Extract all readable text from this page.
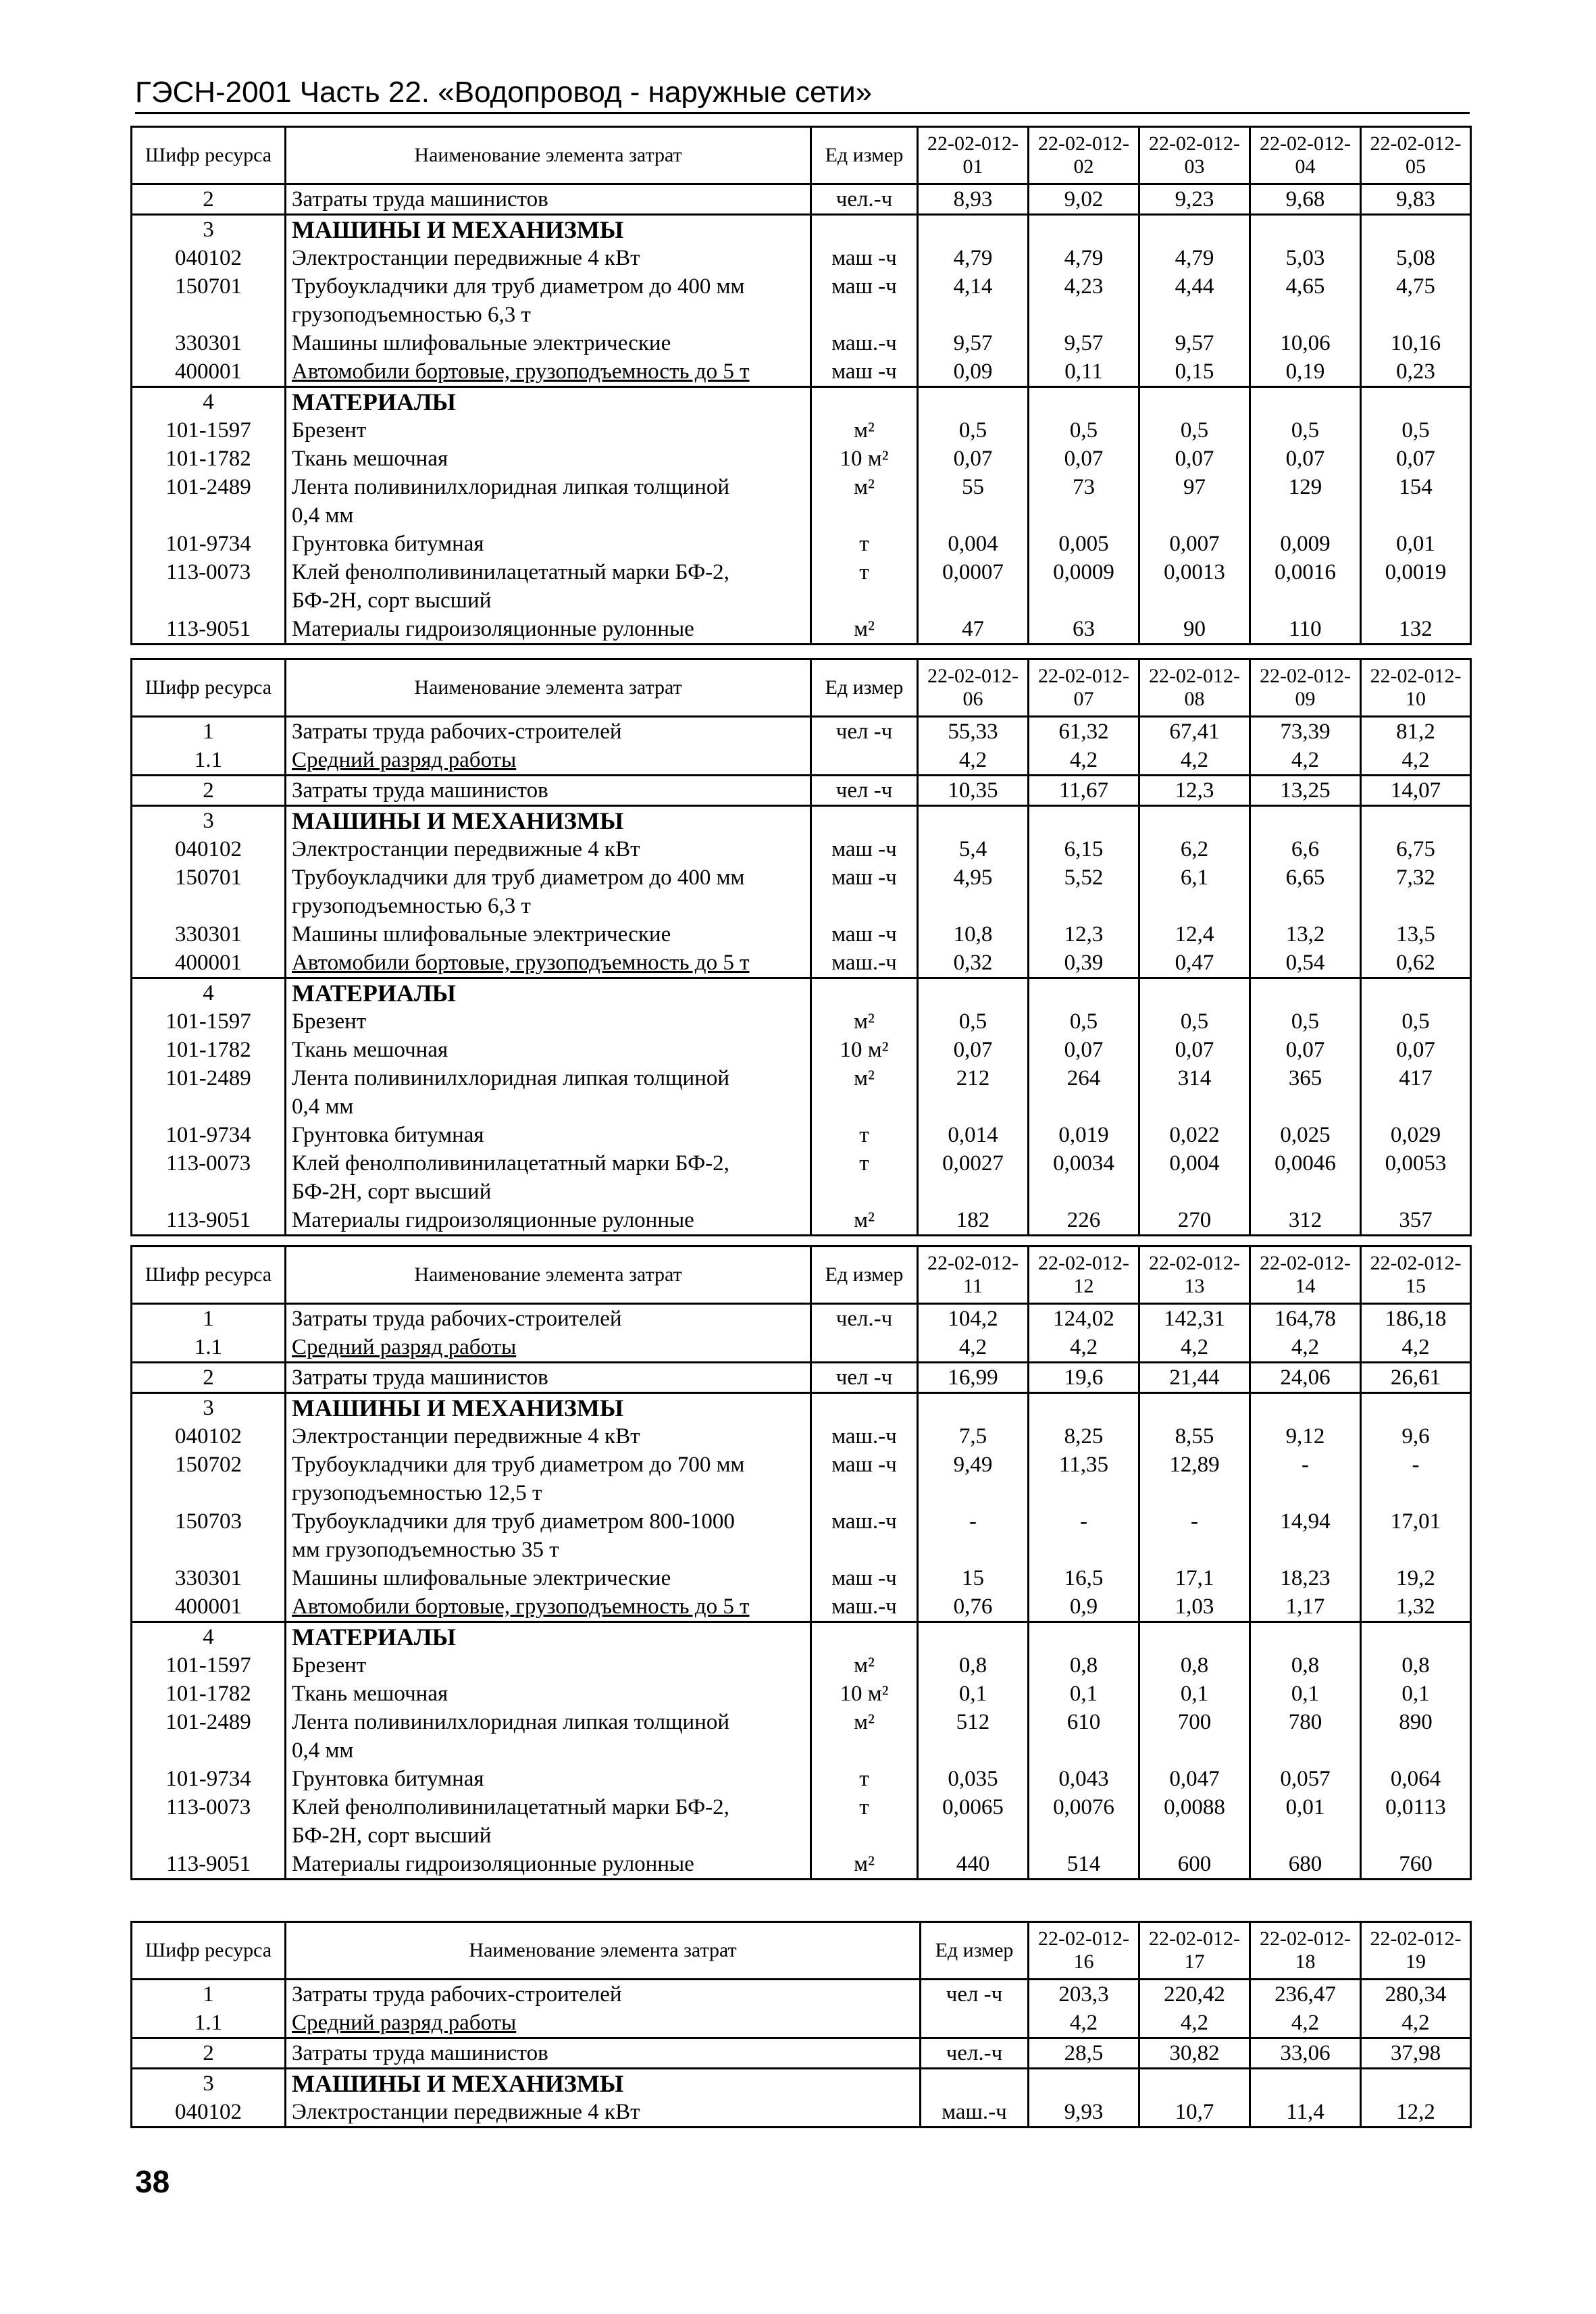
ГЭСН-2001 Часть 22. «Водопровод - наружные сети»
Шифр ресурса	Наименование элемента затрат	Ед измер	22-02-012-01	22-02-012-02	22-02-012-03	22-02-012-04	22-02-012-05
2	Затраты труда машинистов	чел.-ч	8,93	9,02	9,23	9,68	9,83
3	МАШИНЫ И МЕХАНИЗМЫ						
040102	Электростанции передвижные 4 кВт	маш -ч	4,79	4,79	4,79	5,03	5,08
150701	Трубоукладчики для труб диаметром до 400 мм	маш -ч	4,14	4,23	4,44	4,65	4,75
	грузоподъемностью 6,3 т						
330301	Машины шлифовальные электрические	маш.-ч	9,57	9,57	9,57	10,06	10,16
400001	Автомобили бортовые, грузоподъемность до 5 т	маш -ч	0,09	0,11	0,15	0,19	0,23
4	МАТЕРИАЛЫ						
101-1597	Брезент	м²	0,5	0,5	0,5	0,5	0,5
101-1782	Ткань мешочная	10 м²	0,07	0,07	0,07	0,07	0,07
101-2489	Лента поливинилхлоридная липкая толщиной	м²	55	73	97	129	154
	0,4 мм						
101-9734	Грунтовка битумная	т	0,004	0,005	0,007	0,009	0,01
113-0073	Клей фенолполивинилацетатный марки БФ-2,	т	0,0007	0,0009	0,0013	0,0016	0,0019
	БФ-2Н, сорт высший						
113-9051	Материалы гидроизоляционные рулонные	м²	47	63	90	110	132
Шифр ресурса	Наименование элемента затрат	Ед измер	22-02-012-06	22-02-012-07	22-02-012-08	22-02-012-09	22-02-012-10
1	Затраты труда рабочих-строителей	чел -ч	55,33	61,32	67,41	73,39	81,2
1.1	Средний разряд работы		4,2	4,2	4,2	4,2	4,2
2	Затраты труда машинистов	чел -ч	10,35	11,67	12,3	13,25	14,07
3	МАШИНЫ И МЕХАНИЗМЫ						
040102	Электростанции передвижные 4 кВт	маш -ч	5,4	6,15	6,2	6,6	6,75
150701	Трубоукладчики для труб диаметром до 400 мм	маш -ч	4,95	5,52	6,1	6,65	7,32
	грузоподъемностью 6,3 т						
330301	Машины шлифовальные электрические	маш -ч	10,8	12,3	12,4	13,2	13,5
400001	Автомобили бортовые, грузоподъемность до 5 т	маш.-ч	0,32	0,39	0,47	0,54	0,62
4	МАТЕРИАЛЫ						
101-1597	Брезент	м²	0,5	0,5	0,5	0,5	0,5
101-1782	Ткань мешочная	10 м²	0,07	0,07	0,07	0,07	0,07
101-2489	Лента поливинилхлоридная липкая толщиной	м²	212	264	314	365	417
	0,4 мм						
101-9734	Грунтовка битумная	т	0,014	0,019	0,022	0,025	0,029
113-0073	Клей фенолполивинилацетатный марки БФ-2,	т	0,0027	0,0034	0,004	0,0046	0,0053
	БФ-2Н, сорт высший						
113-9051	Материалы гидроизоляционные рулонные	м²	182	226	270	312	357
Шифр ресурса	Наименование элемента затрат	Ед измер	22-02-012-11	22-02-012-12	22-02-012-13	22-02-012-14	22-02-012-15
1	Затраты труда рабочих-строителей	чел.-ч	104,2	124,02	142,31	164,78	186,18
1.1	Средний разряд работы		4,2	4,2	4,2	4,2	4,2
2	Затраты труда машинистов	чел -ч	16,99	19,6	21,44	24,06	26,61
3	МАШИНЫ И МЕХАНИЗМЫ						
040102	Электростанции передвижные 4 кВт	маш.-ч	7,5	8,25	8,55	9,12	9,6
150702	Трубоукладчики для труб диаметром до 700 мм	маш -ч	9,49	11,35	12,89	-	-
	грузоподъемностью 12,5 т						
150703	Трубоукладчики для труб диаметром 800-1000	маш.-ч	-	-	-	14,94	17,01
	мм грузоподъемностью 35 т						
330301	Машины шлифовальные электрические	маш -ч	15	16,5	17,1	18,23	19,2
400001	Автомобили бортовые, грузоподъемность до 5 т	маш.-ч	0,76	0,9	1,03	1,17	1,32
4	МАТЕРИАЛЫ						
101-1597	Брезент	м²	0,8	0,8	0,8	0,8	0,8
101-1782	Ткань мешочная	10 м²	0,1	0,1	0,1	0,1	0,1
101-2489	Лента поливинилхлоридная липкая толщиной	м²	512	610	700	780	890
	0,4 мм						
101-9734	Грунтовка битумная	т	0,035	0,043	0,047	0,057	0,064
113-0073	Клей фенолполивинилацетатный марки БФ-2,	т	0,0065	0,0076	0,0088	0,01	0,0113
	БФ-2Н, сорт высший						
113-9051	Материалы гидроизоляционные рулонные	м²	440	514	600	680	760
Шифр ресурса	Наименование элемента затрат	Ед измер	22-02-012-16	22-02-012-17	22-02-012-18	22-02-012-19
1	Затраты труда рабочих-строителей	чел -ч	203,3	220,42	236,47	280,34
1.1	Средний разряд работы		4,2	4,2	4,2	4,2
2	Затраты труда машинистов	чел.-ч	28,5	30,82	33,06	37,98
3	МАШИНЫ И МЕХАНИЗМЫ					
040102	Электростанции передвижные 4 кВт	маш.-ч	9,93	10,7	11,4	12,2
38
